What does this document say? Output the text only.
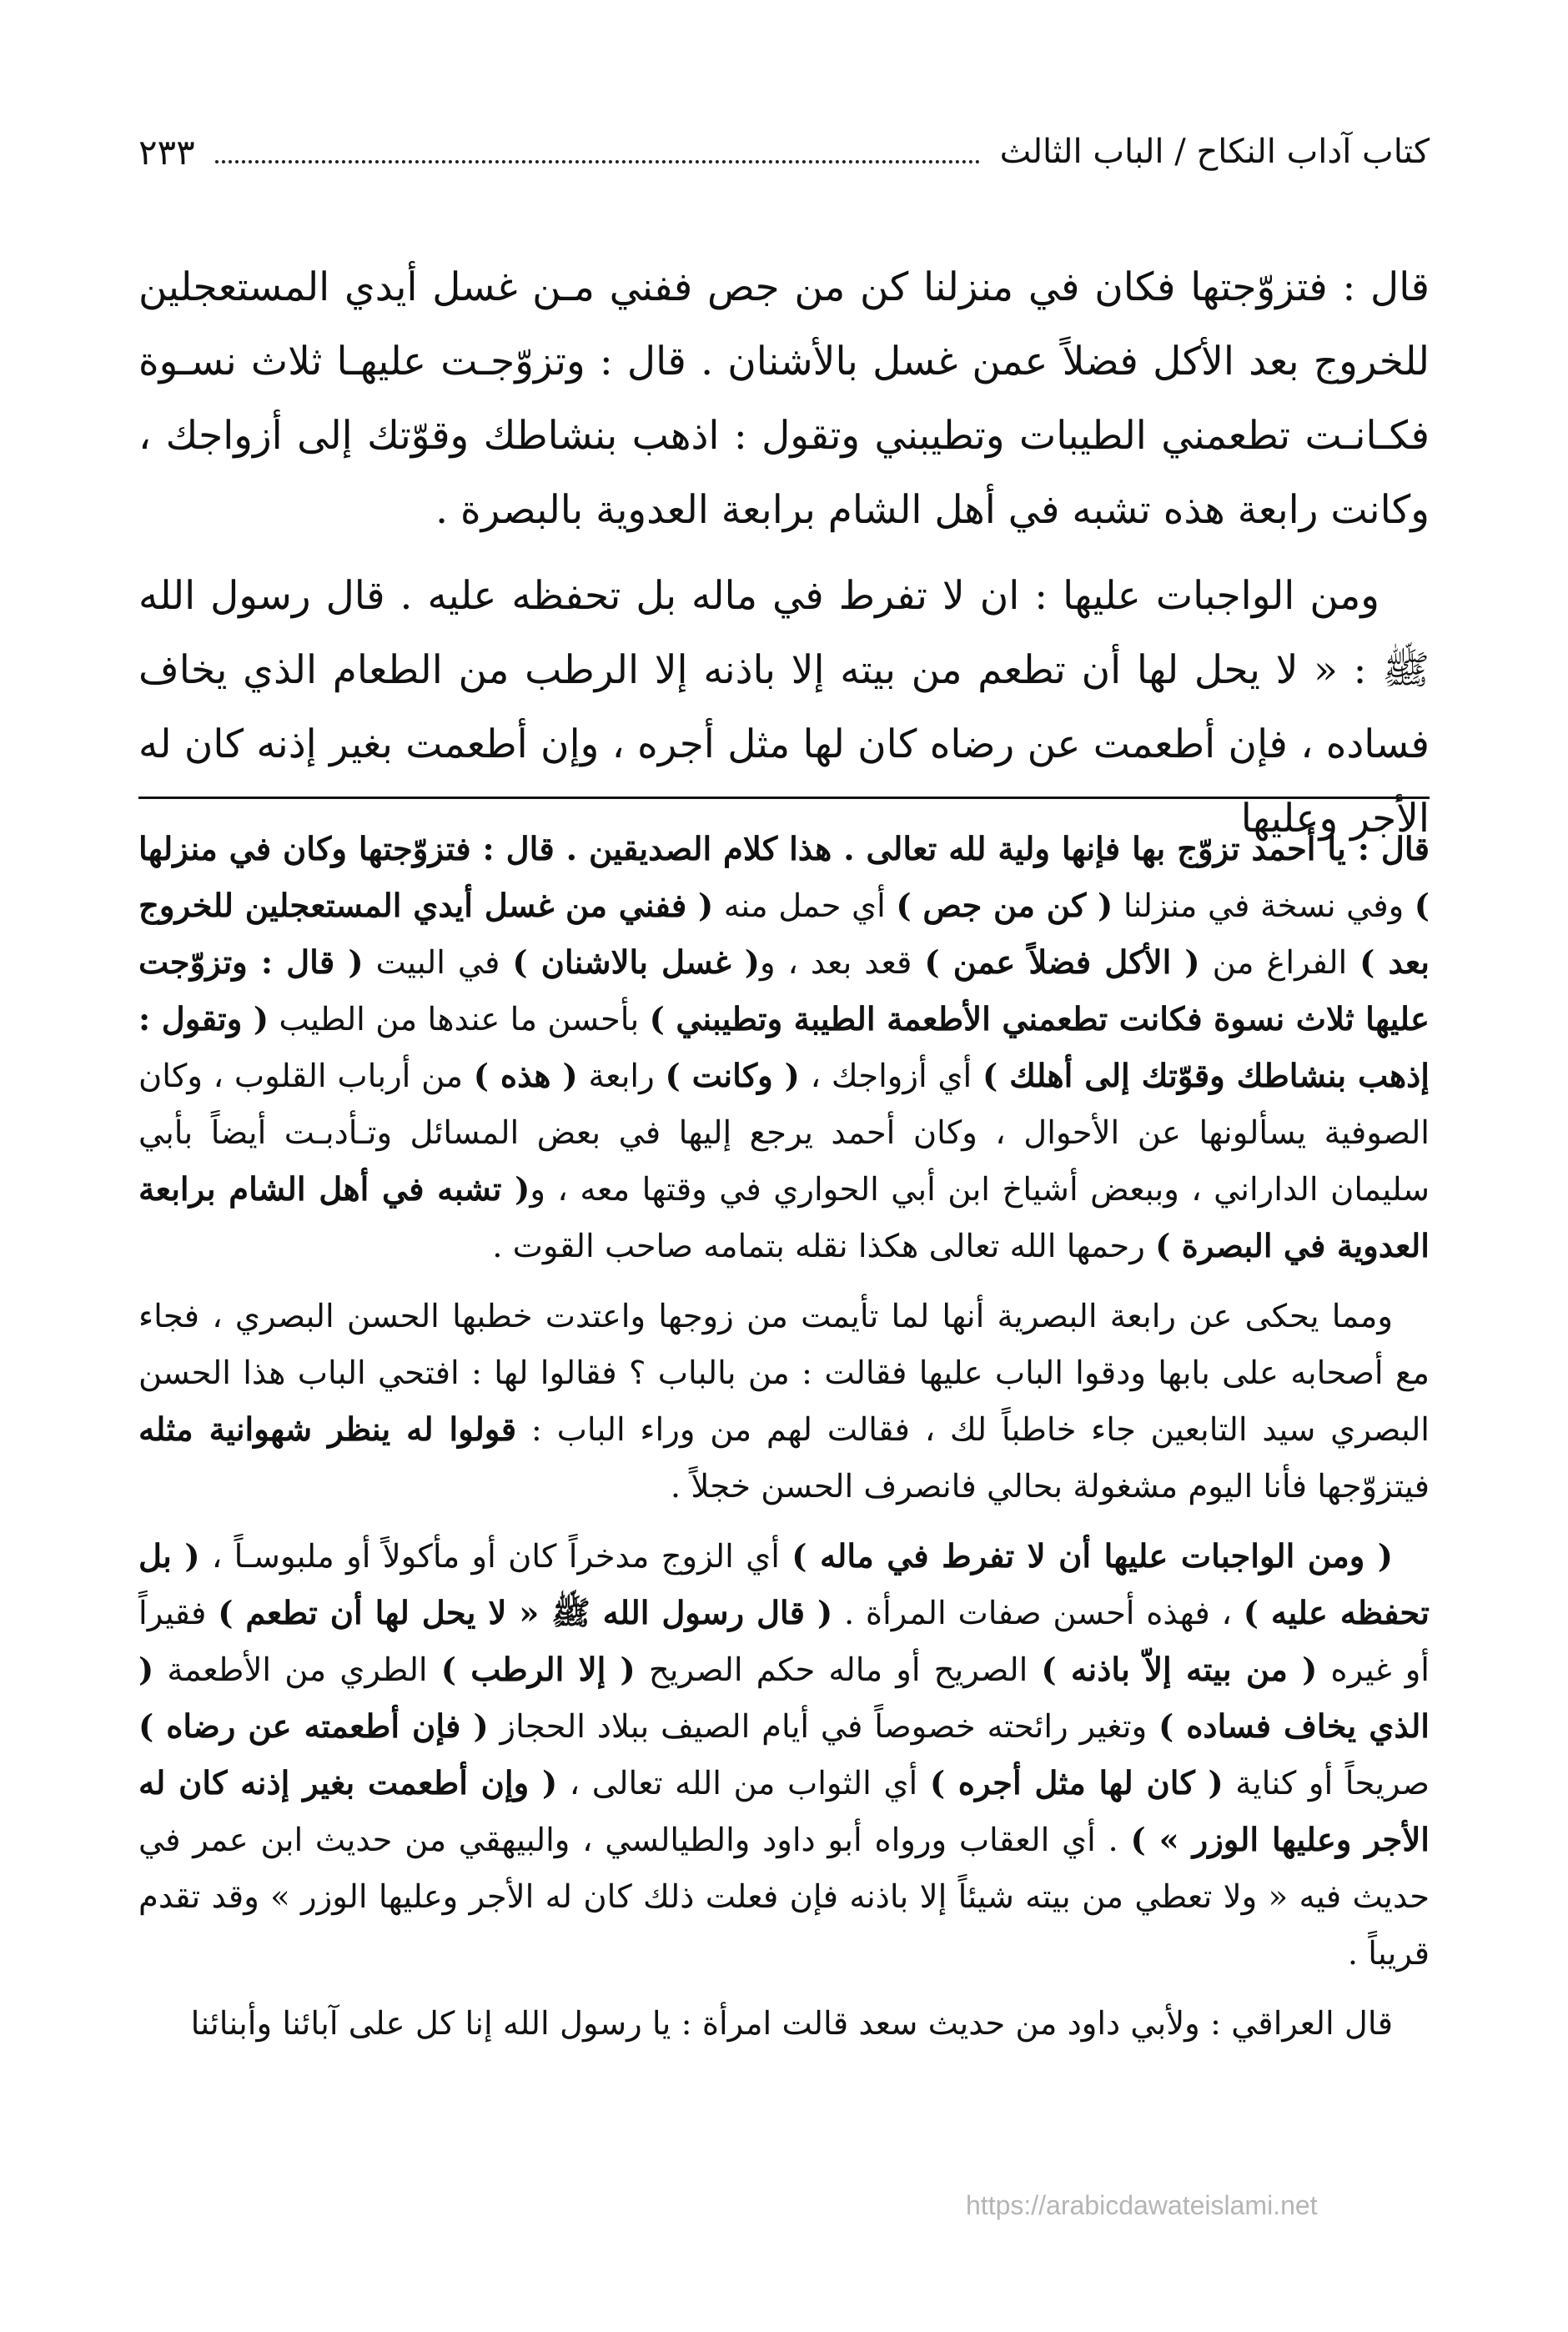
كتاب آداب النكاح / الباب الثالث
٢٣٣

قال : فتزوّجتها فكان في منزلنا كن من جص ففني مـن غسل أيدي المستعجلين للخروج بعد الأكل فضلاً عمن غسل بالأشنان . قال : وتزوّجـت عليهـا ثلاث نسـوة فكـانـت تطعمني الطيبات وتطيبني وتقول : اذهب بنشاطك وقوّتك إلى أزواجك ، وكانت رابعة هذه تشبه في أهل الشام برابعة العدوية بالبصرة .

ومن الواجبات عليها : ان لا تفرط في ماله بل تحفظه عليه . قال رسول الله ﷺ : « لا يحل لها أن تطعم من بيته إلا باذنه إلا الرطب من الطعام الذي يخاف فساده ، فإن أطعمت عن رضاه كان لها مثل أجره ، وإن أطعمت بغير إذنه كان له الأجر وعليها

قال : يا أحمد تزوّج بها فإنها ولية لله تعالى . هذا كلام الصديقين . قال : فتزوّجتها وكان في منزلها ) وفي نسخة في منزلنا ( كن من جص ) أي حمل منه ( ففني من غسل أيدي المستعجلين للخروج بعد ) الفراغ من ( الأكل فضلاً عمن ) قعد بعد ، و( غسل بالاشنان ) في البيت ( قال : وتزوّجت عليها ثلاث نسوة فكانت تطعمني الأطعمة الطيبة وتطيبني ) بأحسن ما عندها من الطيب ( وتقول : إذهب بنشاطك وقوّتك إلى أهلك ) أي أزواجك ، ( وكانت ) رابعة ( هذه ) من أرباب القلوب ، وكان الصوفية يسألونها عن الأحوال ، وكان أحمد يرجع إليها في بعض المسائل وتـأدبـت أيضاً بأبي سليمان الداراني ، وببعض أشياخ ابن أبي الحواري في وقتها معه ، و( تشبه في أهل الشام برابعة العدوية في البصرة ) رحمها الله تعالى هكذا نقله بتمامه صاحب القوت .

ومما يحكى عن رابعة البصرية أنها لما تأيمت من زوجها واعتدت خطبها الحسن البصري ، فجاء مع أصحابه على بابها ودقوا الباب عليها فقالت : من بالباب ؟ فقالوا لها : افتحي الباب هذا الحسن البصري سيد التابعين جاء خاطباً لك ، فقالت لهم من وراء الباب : قولوا له ينظر شهوانية مثله فيتزوّجها فأنا اليوم مشغولة بحالي فانصرف الحسن خجلاً .

( ومن الواجبات عليها أن لا تفرط في ماله ) أي الزوج مدخراً كان أو مأكولاً أو ملبوسـاً ، ( بل تحفظه عليه ) ، فهذه أحسن صفات المرأة . ( قال رسول الله ﷺ « لا يحل لها أن تطعم ) فقيراً أو غيره ( من بيته إلاّ باذنه ) الصريح أو ماله حكم الصريح ( إلا الرطب ) الطري من الأطعمة ( الذي يخاف فساده ) وتغير رائحته خصوصاً في أيام الصيف ببلاد الحجاز ( فإن أطعمته عن رضاه ) صريحاً أو كناية ( كان لها مثل أجره ) أي الثواب من الله تعالى ، ( وإن أطعمت بغير إذنه كان له الأجر وعليها الوزر » ) . أي العقاب ورواه أبو داود والطيالسي ، والبيهقي من حديث ابن عمر في حديث فيه « ولا تعطي من بيته شيئاً إلا باذنه فإن فعلت ذلك كان له الأجر وعليها الوزر » وقد تقدم قريباً .

قال العراقي : ولأبي داود من حديث سعد قالت امرأة : يا رسول الله إنا كل على آبائنا وأبنائنا

https://arabicdawateislami.net
